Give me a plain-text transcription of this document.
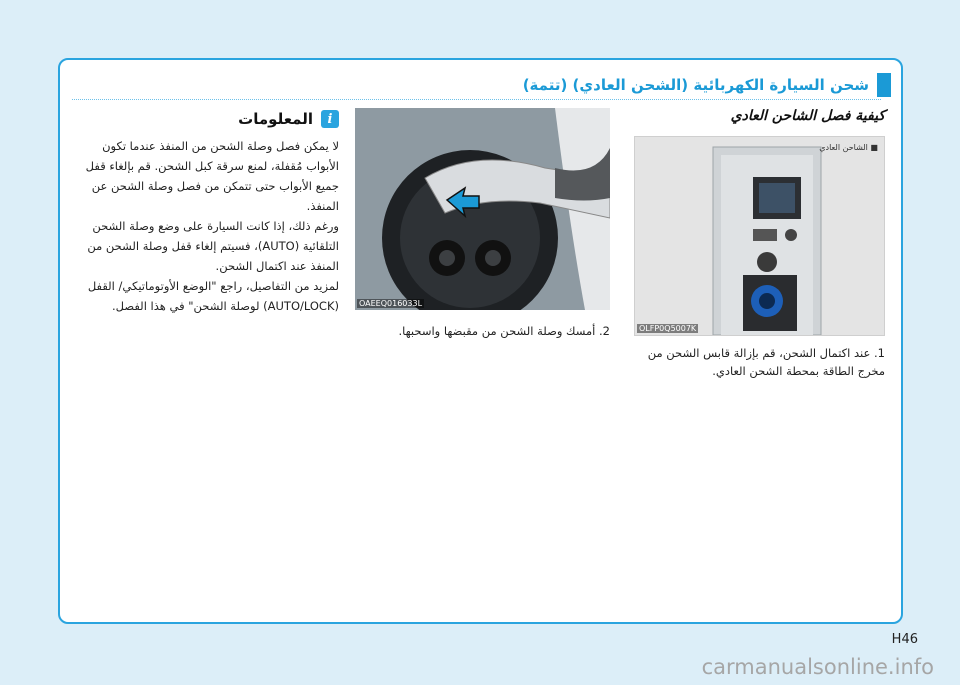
شحن السيارة الكهربائية (الشحن العادي) (تتمة)

كيفية فصل الشاحن العادي

■ الشاحن العادي
OLFP0Q5007K

1. عند اكتمال الشحن، قم بإزالة قابس الشحن من مخرج الطاقة بمحطة الشحن العادي.

OAEEQ016033L

2. أمسك وصلة الشحن من مقبضها واسحبها.

المعلومات	i

لا يمكن فصل وصلة الشحن من المنفذ عندما تكون الأبواب مُقفلة، لمنع سرقة كبل الشحن. قم بإلغاء قفل جميع الأبواب حتى تتمكن من فصل وصلة الشحن عن المنفذ.

ورغم ذلك، إذا كانت السيارة على وضع وصلة الشحن التلقائية (AUTO)، فسيتم إلغاء قفل وصلة الشحن من المنفذ عند اكتمال الشحن.

لمزيد من التفاصيل، راجع "الوضع الأوتوماتيكي/ القفل (AUTO/LOCK) لوصلة الشحن" في هذا الفصل.

H46
carmanualsonline.info
